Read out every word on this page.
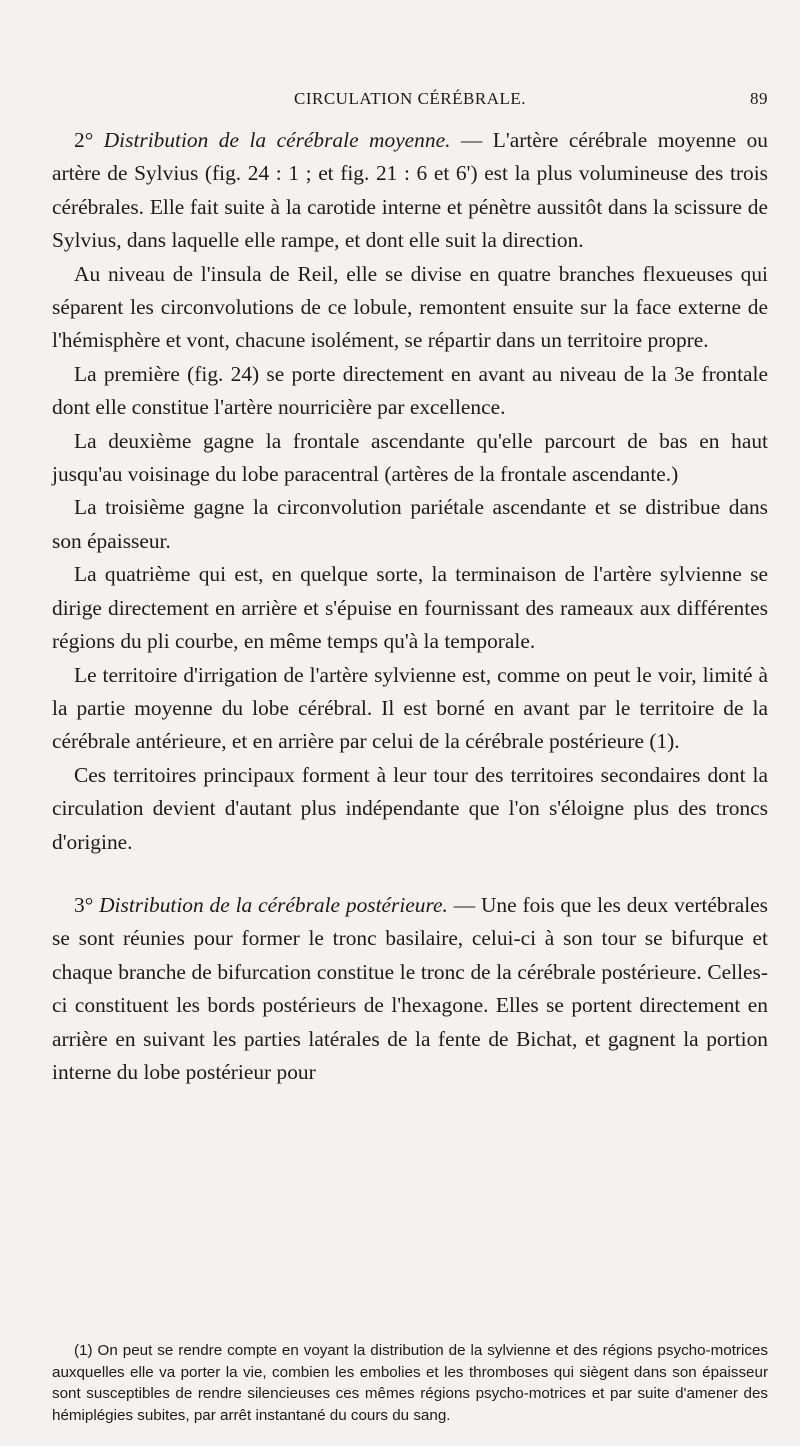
CIRCULATION CÉRÉBRALE.	89

2° Distribution de la cérébrale moyenne. — L'artère cérébrale moyenne ou artère de Sylvius (fig. 24 : 1 ; et fig. 21 : 6 et 6') est la plus volumineuse des trois cérébrales. Elle fait suite à la carotide interne et pénètre aussitôt dans la scissure de Sylvius, dans laquelle elle rampe, et dont elle suit la direction.

Au niveau de l'insula de Reil, elle se divise en quatre branches flexueuses qui séparent les circonvolutions de ce lobule, remontent ensuite sur la face externe de l'hémisphère et vont, chacune isolément, se répartir dans un territoire propre.

La première (fig. 24) se porte directement en avant au niveau de la 3e frontale dont elle constitue l'artère nourricière par excellence.

La deuxième gagne la frontale ascendante qu'elle parcourt de bas en haut jusqu'au voisinage du lobe paracentral (artères de la frontale ascendante.)

La troisième gagne la circonvolution pariétale ascendante et se distribue dans son épaisseur.

La quatrième qui est, en quelque sorte, la terminaison de l'artère sylvienne se dirige directement en arrière et s'épuise en fournissant des rameaux aux différentes régions du pli courbe, en même temps qu'à la temporale.

Le territoire d'irrigation de l'artère sylvienne est, comme on peut le voir, limité à la partie moyenne du lobe cérébral. Il est borné en avant par le territoire de la cérébrale antérieure, et en arrière par celui de la cérébrale postérieure (1).

Ces territoires principaux forment à leur tour des territoires secondaires dont la circulation devient d'autant plus indépendante que l'on s'éloigne plus des troncs d'origine.

3° Distribution de la cérébrale postérieure. — Une fois que les deux vertébrales se sont réunies pour former le tronc basilaire, celui-ci à son tour se bifurque et chaque branche de bifurcation constitue le tronc de la cérébrale postérieure. Celles-ci constituent les bords postérieurs de l'hexagone. Elles se portent directement en arrière en suivant les parties latérales de la fente de Bichat, et gagnent la portion interne du lobe postérieur pour

(1) On peut se rendre compte en voyant la distribution de la sylvienne et des régions psycho-motrices auxquelles elle va porter la vie, combien les embolies et les thromboses qui siègent dans son épaisseur sont susceptibles de rendre silencieuses ces mêmes régions psycho-motrices et par suite d'amener des hémiplégies subites, par arrêt instantané du cours du sang.
